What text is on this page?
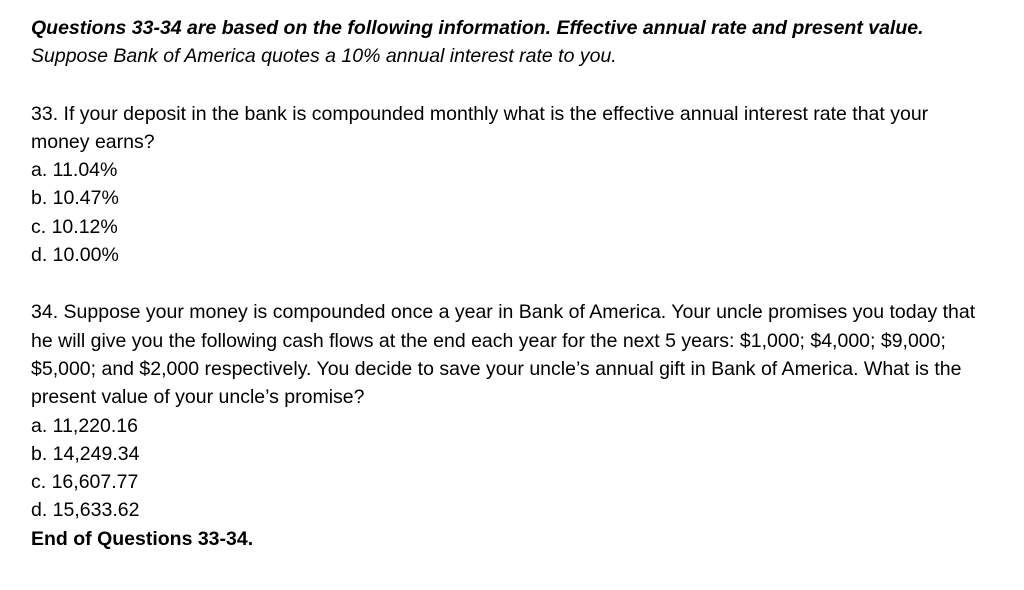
Questions 33-34 are based on the following information. Effective annual rate and present value. Suppose Bank of America quotes a 10% annual interest rate to you.

33. If your deposit in the bank is compounded monthly what is the effective annual interest rate that your money earns?

a. 11.04%

b. 10.47%

c. 10.12%

d. 10.00%

34. Suppose your money is compounded once a year in Bank of America. Your uncle promises you today that he will give you the following cash flows at the end each year for the next 5 years: $1,000; $4,000; $9,000; $5,000; and $2,000 respectively. You decide to save your uncle’s annual gift in Bank of America. What is the present value of your uncle’s promise?

a. 11,220.16

b. 14,249.34

c. 16,607.77

d. 15,633.62

End of Questions 33-34.
